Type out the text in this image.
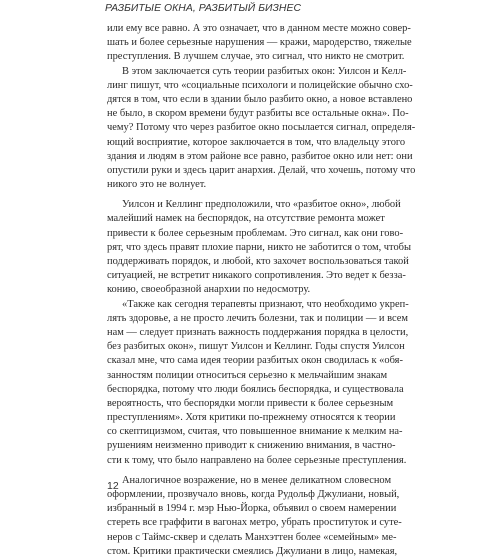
РАЗБИТЫЕ ОКНА, РАЗБИТЫЙ БИЗНЕС

или ему все равно. А это означает, что в данном месте можно совер-
шать и более серьезные нарушения — кражи, мародерство, тяжелые
преступления. В лучшем случае, это сигнал, что никто не смотрит.
В этом заключается суть теории разбитых окон: Уилсон и Келл-
линг пишут, что «социальные психологи и полицейские обычно схо-
дятся в том, что если в здании было разбито окно, а новое вставлено
не было, в скором времени будут разбиты все остальные окна». По-
чему? Потому что через разбитое окно посылается сигнал, определя-
ющий восприятие, которое заключается в том, что владельцу этого
здания и людям в этом районе все равно, разбитое окно или нет: они
опустили руки и здесь царит анархия. Делай, что хочешь, потому что
никого это не волнует.
Уилсон и Келлинг предположили, что «разбитое окно», любой
малейший намек на беспорядок, на отсутствие ремонта может
привести к более серьезным проблемам. Это сигнал, как они гово-
рят, что здесь правят плохие парни, никто не заботится о том, чтобы
поддерживать порядок, и любой, кто захочет воспользоваться такой
ситуацией, не встретит никакого сопротивления. Это ведет к безза-
конию, своеобразной анархии по недосмотру.
«Также как сегодня терапевты признают, что необходимо укреп-
лять здоровье, а не просто лечить болезни, так и полиции — и всем
нам — следует признать важность поддержания порядка в целости,
без разбитых окон», пишут Уилсон и Келлинг. Годы спустя Уилсон
сказал мне, что сама идея теории разбитых окон сводилась к «обя-
занностям полиции относиться серьезно к мельчайшим знакам
беспорядка, потому что люди боялись беспорядка, и существовала
вероятность, что беспорядки могли привести к более серьезным
преступлениям». Хотя критики по-прежнему относятся к теории
со скептицизмом, считая, что повышенное внимание к мелким на-
рушениям неизменно приводит к снижению внимания, в частно-
сти к тому, что было направлено на более серьезные преступления.
Аналогичное возражение, но в менее деликатном словесном
оформлении, прозвучало вновь, когда Рудольф Джулиани, новый,
избранный в 1994 г. мэр Нью-Йорка, объявил о своем намерении
стереть все граффити в вагонах метро, убрать проституток и суте-
неров с Таймс-сквер и сделать Манхэттен более «семейным» ме-
стом. Критики практически смеялись Джулиани в лицо, намекая,

12
